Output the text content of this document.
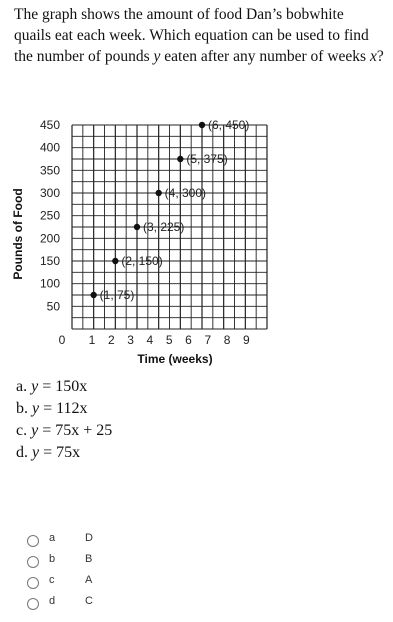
The graph shows the amount of food Dan’s bobwhite quails eat each week. Which equation can be used to find the number of pounds y eaten after any number of weeks x?
50
100
150
200
250
300
350
400
450
1 2 3 4 5 6 7 8 9
(1, 75)
(2, 150)
(3, 225)
(4, 300)
(5, 375)
(6, 450)
Pounds of Food
Time (weeks)
0
a. y = 150x
b. y = 112x
c. y = 75x + 25
d. y = 75x
a	D
b	B
c	A
d	C
